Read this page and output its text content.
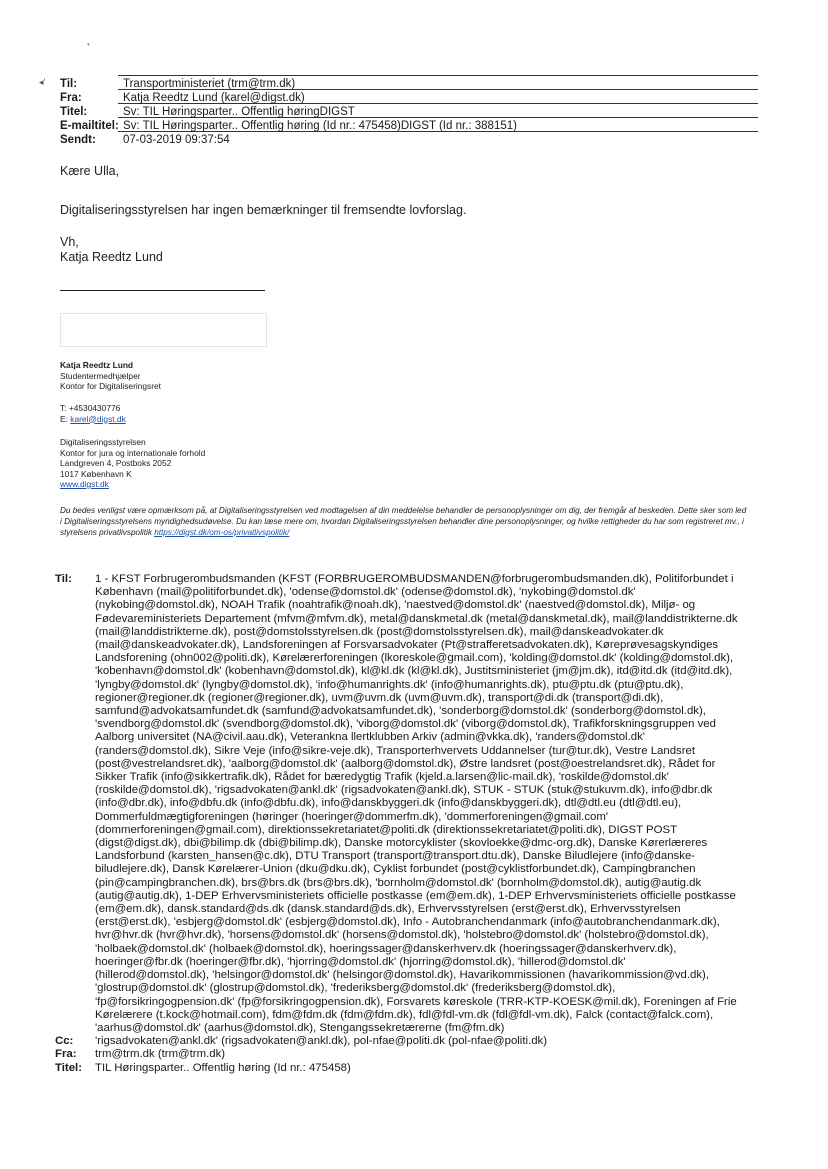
•
◂' Til:	Transportministeriet (trm@trm.dk)
Fra:	Katja Reedtz Lund (karel@digst.dk)
Titel:	Sv: TIL Høringsparter.. Offentlig høringDIGST
E-mailtitel: Sv: TIL Høringsparter.. Offentlig høring (Id nr.: 475458)DIGST (Id nr.: 388151)
Sendt:	07-03-2019 09:37:54
Kære Ulla,
Digitaliseringsstyrelsen har ingen bemærkninger til fremsendte lovforslag.
Vh,
Katja Reedtz Lund
Katja Reedtz Lund
Studentermedhjælper
Kontor for Digitaliseringsret
T: +4530430776
E: karel@digst.dk
Digitaliseringsstyrelsen
Kontor for jura og internationale forhold
Landgreven 4, Postboks 2052
1017 København K
www.digst.dk
Du bedes venligst være opmærksom på, at Digitaliseringsstyrelsen ved modtagelsen af din meddelelse behandler de personoplysninger om dig, der fremgår af beskeden. Dette sker som led i Digitaliseringsstyrelsens myndighedsudøvelse. Du kan læse mere om, hvordan Digitaliseringsstyrelsen behandler dine personoplysninger, og hvilke rettigheder du har som registreret mv., i styrelsens privatlivspolitik https://digst.dk/om-os/privatlivspolitik/
Til:	1 - KFST Forbrugerombudsmanden (KFST (FORBRUGEROMBUDSMANDEN@forbrugerombudsmanden.dk), Politiforbundet i
København (mail@politiforbundet.dk), 'odense@domstol.dk' (odense@domstol.dk), 'nykobing@domstol.dk'
(nykobing@domstol.dk), NOAH Trafik (noahtrafik@noah.dk), 'naestved@domstol.dk' (naestved@domstol.dk), Miljø- og
Fødevareministeriets Departement (mfvm@mfvm.dk), metal@danskmetal.dk (metal@danskmetal.dk), mail@landdistrikterne.dk
(mail@landdistrikterne.dk), post@domstolsstyrelsen.dk (post@domstolsstyrelsen.dk), mail@danskeadvokater.dk
(mail@danskeadvokater.dk), Landsforeningen af Forsvarsadvokater (Pt@strafferetsadvokaten.dk), Køreprøvesagskyndiges
Landsforening (ohn002@politi.dk), Kørelærerforeningen (lkoreskole@gmail.com), 'kolding@domstol.dk' (kolding@domstol.dk),
'kobenhavn@domstol.dk' (kobenhavn@domstol.dk), kl@kl.dk (kl@kl.dk), Justitsministeriet (jm@jm.dk), itd@itd.dk (itd@itd.dk),
'lyngby@domstol.dk' (lyngby@domstol.dk), 'info@humanrights.dk' (info@humanrights.dk), ptu@ptu.dk (ptu@ptu.dk),
regioner@regioner.dk (regioner@regioner.dk), uvm@uvm.dk (uvm@uvm.dk), transport@di.dk (transport@di.dk),
samfund@advokatsamfundet.dk (samfund@advokatsamfundet.dk), 'sonderborg@domstol.dk' (sonderborg@domstol.dk),
'svendborg@domstol.dk' (svendborg@domstol.dk), 'viborg@domstol.dk' (viborg@domstol.dk), Trafikforskningsgruppen ved
Aalborg universitet (NA@civil.aau.dk), Veterankna llertklubben Arkiv (admin@vkka.dk), 'randers@domstol.dk'
(randers@domstol.dk), Sikre Veje (info@sikre-veje.dk), Transporterhvervets Uddannelser (tur@tur.dk), Vestre Landsret
(post@vestrelandsret.dk), 'aalborg@domstol.dk' (aalborg@domstol.dk), Østre landsret (post@oestrelandsret.dk), Rådet for
Sikker Trafik (info@sikkertrafik.dk), Rådet for bæredygtig Trafik (kjeld.a.larsen@lic-mail.dk), 'roskilde@domstol.dk'
(roskilde@domstol.dk), 'rigsadvokaten@ankl.dk' (rigsadvokaten@ankl.dk), STUK - STUK (stuk@stukuvm.dk), info@dbr.dk
(info@dbr.dk), info@dbfu.dk (info@dbfu.dk), info@danskbyggeri.dk (info@danskbyggeri.dk), dtl@dtl.eu (dtl@dtl.eu),
Dommerfuldmægtigforeningen (høringer (hoeringer@dommerfm.dk), 'dommerforeningen@gmail.com'
(dommerforeningen@gmail.com), direktionssekretariatet@politi.dk (direktionssekretariatet@politi.dk), DIGST POST
(digst@digst.dk), dbi@bilimp.dk (dbi@bilimp.dk), Danske motorcyklister (skovloekke@dmc-org.dk), Danske Kørerlæreres
Landsforbund (karsten_hansen@c.dk), DTU Transport (transport@transport.dtu.dk), Danske Biludlejere (info@danske-
biludlejere.dk), Dansk Kørelærer-Union (dku@dku.dk), Cyklist forbundet (post@cyklistforbundet.dk), Campingbranchen
(pin@campingbranchen.dk), brs@brs.dk (brs@brs.dk), 'bornholm@domstol.dk' (bornholm@domstol.dk), autig@autig.dk
(autig@autig.dk), 1-DEP Erhvervsministeriets officielle postkasse (em@em.dk), 1-DEP Erhvervsministeriets officielle postkasse
(em@em.dk), dansk.standard@ds.dk (dansk.standard@ds.dk), Erhvervsstyrelsen (erst@erst.dk), Erhvervsstyrelsen
(erst@erst.dk), 'esbjerg@domstol.dk' (esbjerg@domstol.dk), Info - Autobranchendanmark (info@autobranchendanmark.dk),
hvr@hvr.dk (hvr@hvr.dk), 'horsens@domstol.dk' (horsens@domstol.dk), 'holstebro@domstol.dk' (holstebro@domstol.dk),
'holbaek@domstol.dk' (holbaek@domstol.dk), hoeringssager@danskerhverv.dk (hoeringssager@danskerhverv.dk),
hoeringer@fbr.dk (hoeringer@fbr.dk), 'hjorring@domstol.dk' (hjorring@domstol.dk), 'hillerod@domstol.dk'
(hillerod@domstol.dk), 'helsingor@domstol.dk' (helsingor@domstol.dk), Havarikommissionen (havarikommission@vd.dk),
'glostrup@domstol.dk' (glostrup@domstol.dk), 'frederiksberg@domstol.dk' (frederiksberg@domstol.dk),
'fp@forsikringogpension.dk' (fp@forsikringogpension.dk), Forsvarets køreskole (TRR-KTP-KOESK@mil.dk), Foreningen af Frie
Kørelærere (t.kock@hotmail.com), fdm@fdm.dk (fdm@fdm.dk), fdl@fdl-vm.dk (fdl@fdl-vm.dk), Falck (contact@falck.com),
'aarhus@domstol.dk' (aarhus@domstol.dk), Stengangssekretærerne (fm@fm.dk)
Cc:	'rigsadvokaten@ankl.dk' (rigsadvokaten@ankl.dk), pol-nfae@politi.dk (pol-nfae@politi.dk)
Fra:	trm@trm.dk (trm@trm.dk)
Titel:	TIL Høringsparter.. Offentlig høring (Id nr.: 475458)
